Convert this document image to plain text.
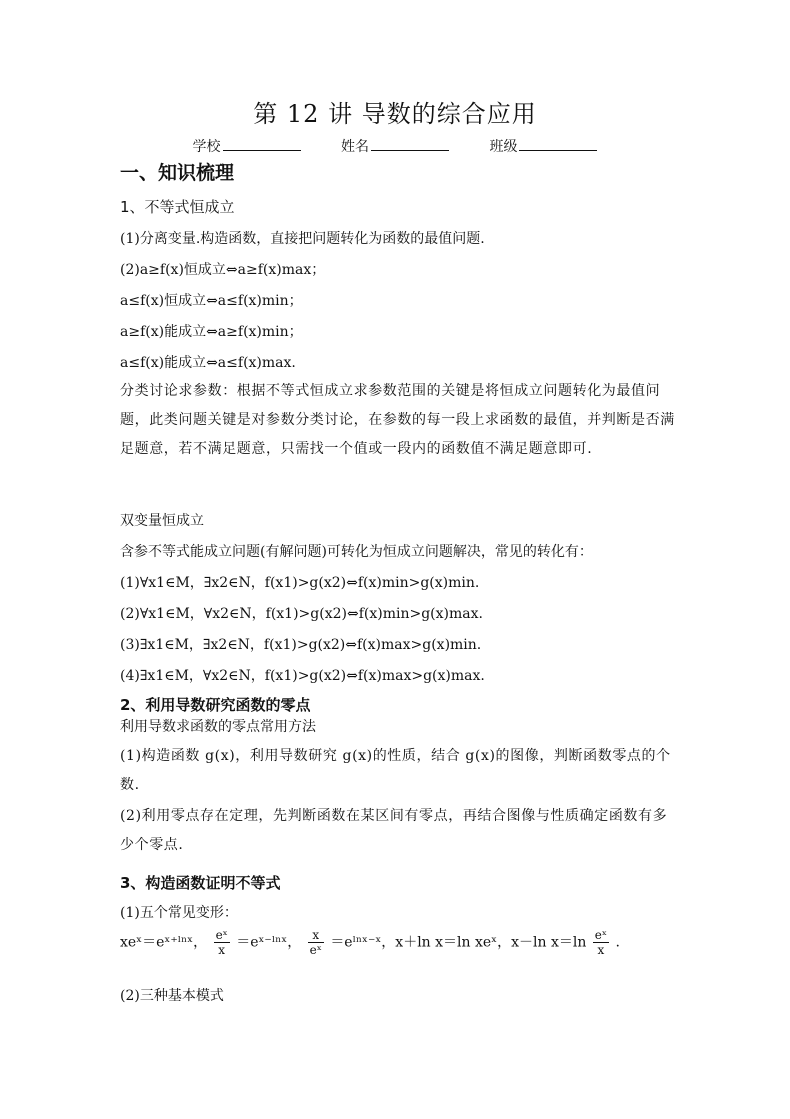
第 12 讲 导数的综合应用
学校	姓名	班级
一、知识梳理
1、不等式恒成立
(1)分离变量.构造函数，直接把问题转化为函数的最值问题.
(2)a≥f(x)恒成立⇔a≥f(x)max；
a≤f(x)恒成立⇔a≤f(x)min；
a≥f(x)能成立⇔a≥f(x)min；
a≤f(x)能成立⇔a≤f(x)max.
分类讨论求参数：根据不等式恒成立求参数范围的关键是将恒成立问题转化为最值问题，此类问题关键是对参数分类讨论，在参数的每一段上求函数的最值，并判断是否满足题意，若不满足题意，只需找一个值或一段内的函数值不满足题意即可.
双变量恒成立
含参不等式能成立问题(有解问题)可转化为恒成立问题解决，常见的转化有：
(1)∀x1∈M，∃x2∈N，f(x1)>g(x2)⇔f(x)min>g(x)min.
(2)∀x1∈M，∀x2∈N，f(x1)>g(x2)⇔f(x)min>g(x)max.
(3)∃x1∈M，∃x2∈N，f(x1)>g(x2)⇔f(x)max>g(x)min.
(4)∃x1∈M，∀x2∈N，f(x1)>g(x2)⇔f(x)max>g(x)max.
2、利用导数研究函数的零点
利用导数求函数的零点常用方法
(1)构造函数 g(x)，利用导数研究 g(x)的性质，结合 g(x)的图像，判断函数零点的个数.
(2)利用零点存在定理，先判断函数在某区间有零点，再结合图像与性质确定函数有多少个零点.
3、构造函数证明不等式
(1)五个常见变形：
xeˣ＝eˣ⁺ˡⁿˣ， $\frac{\text{eˣ}}{x}$ ＝eˣ⁻ˡⁿˣ， $\frac{x}{\text{eˣ}}$ ＝eˡⁿˣ⁻ˣ，x＋ln x＝ln xeˣ，x－ln $x=\ln \frac{\text{eˣ}}{x}$ .
(2)三种基本模式
